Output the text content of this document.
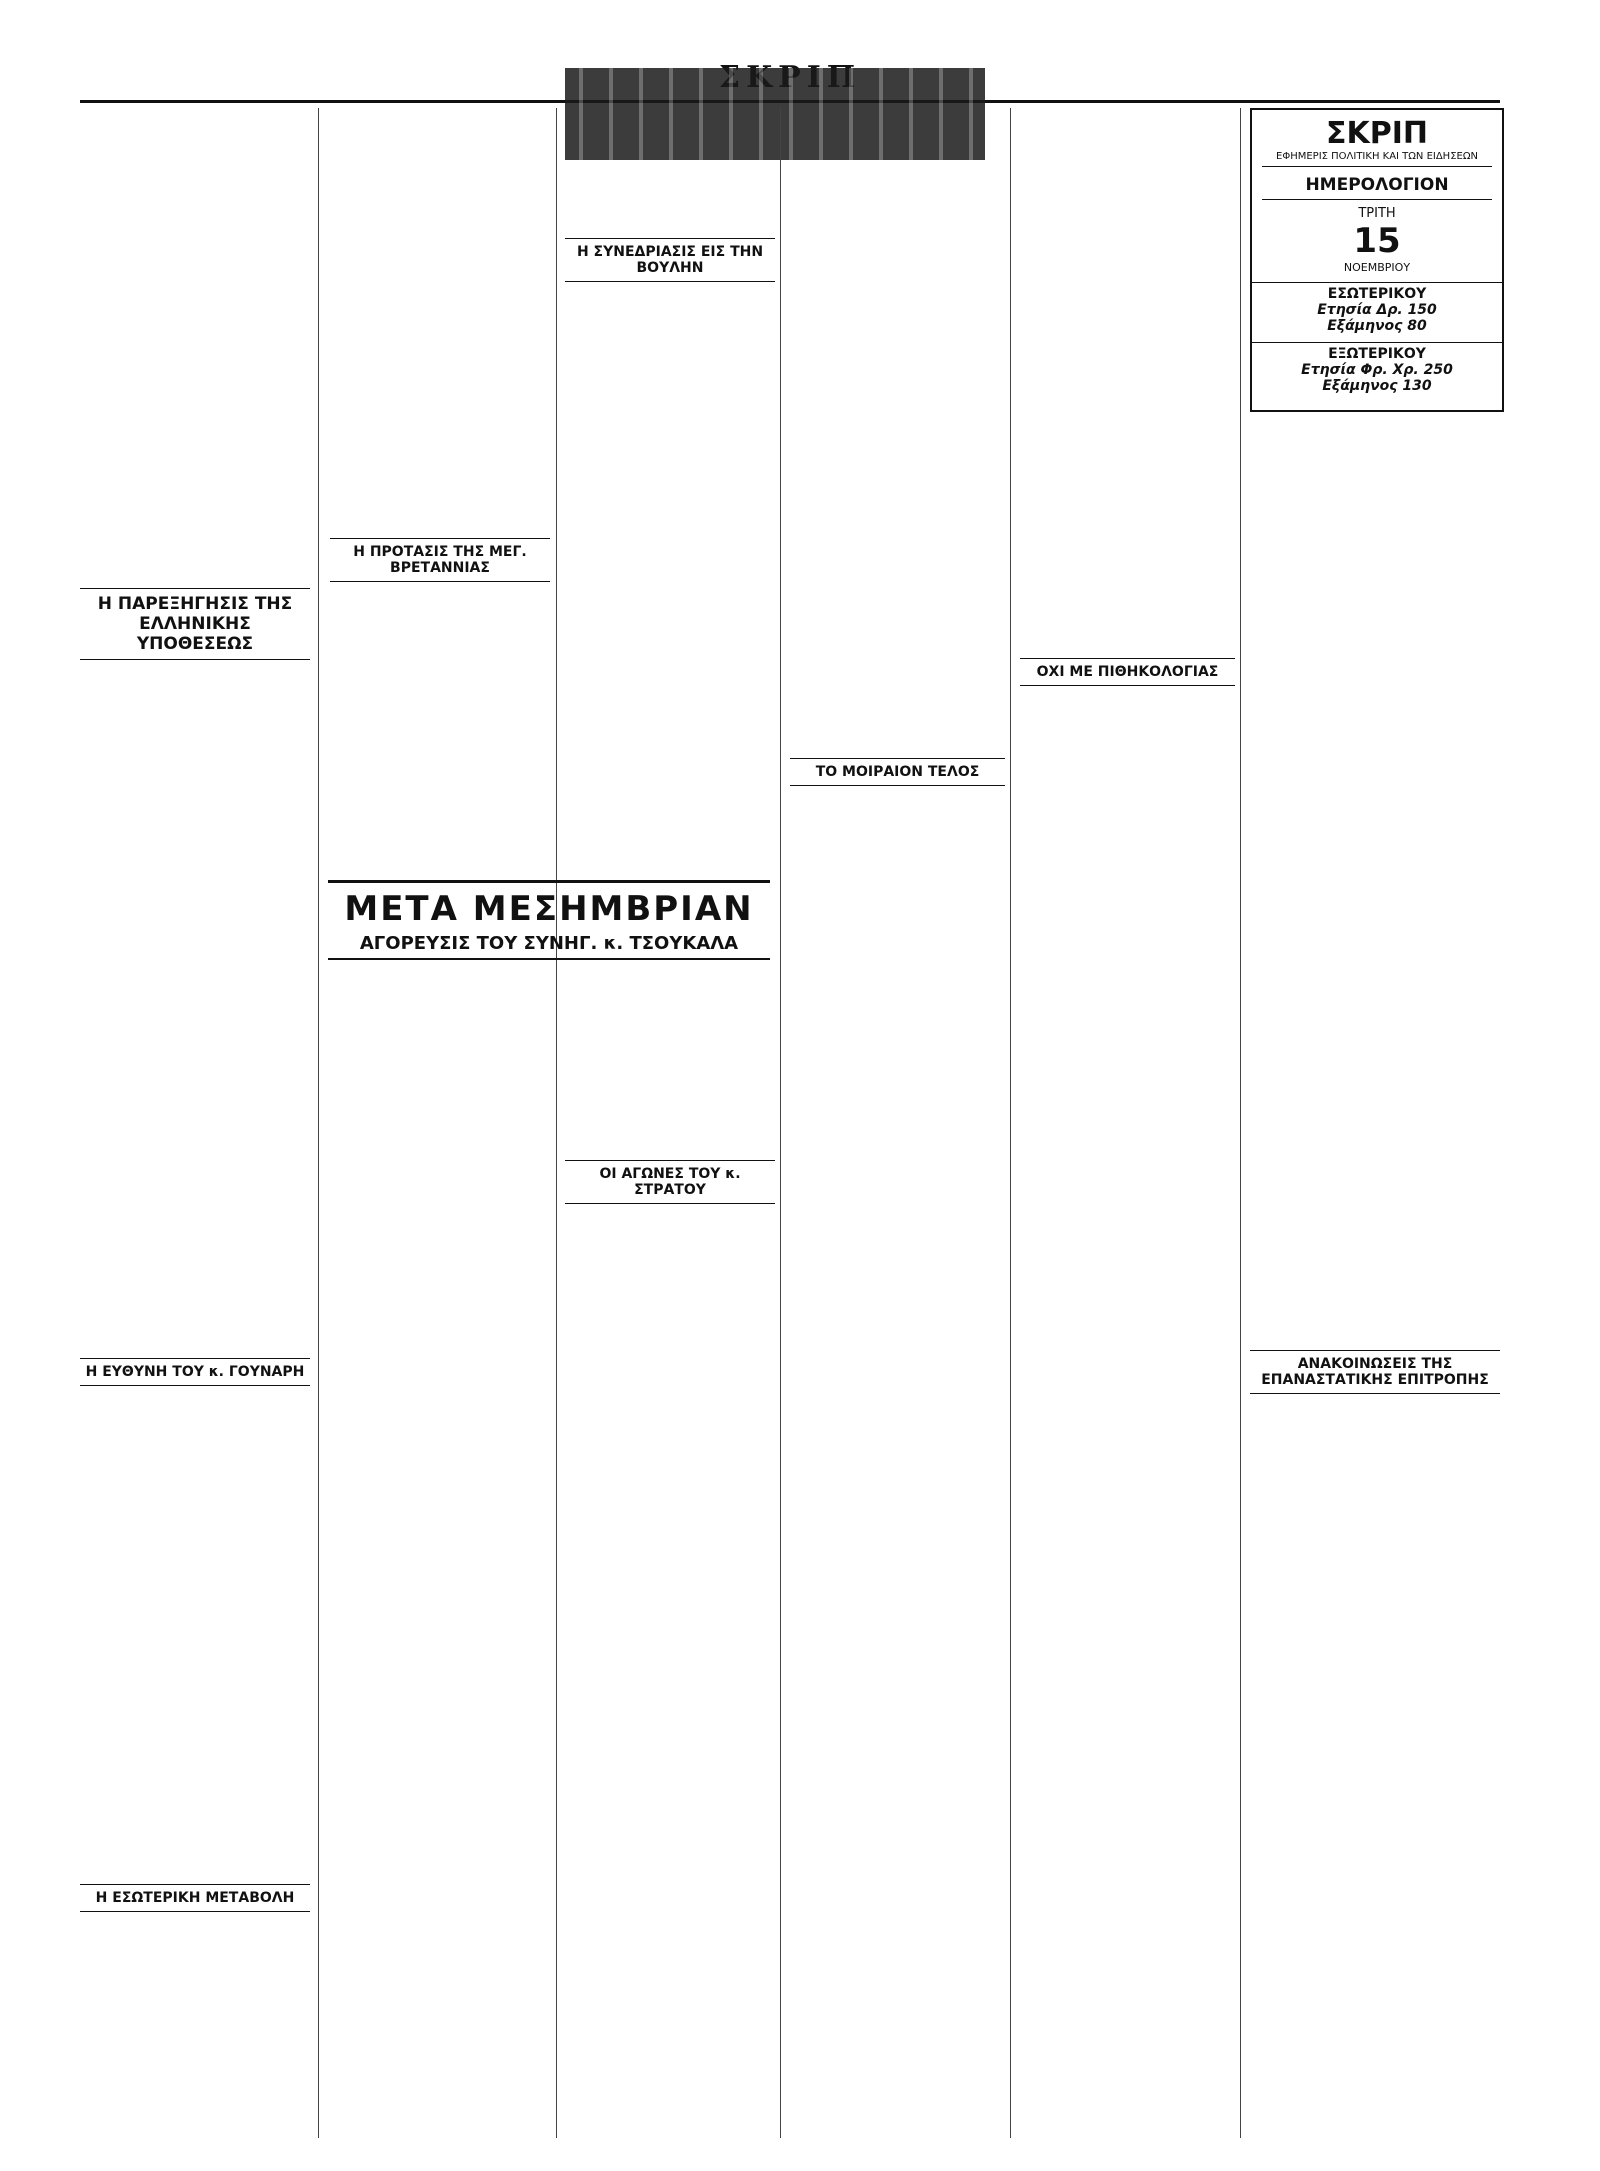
Η ΠΑΡΕΞΗΓΗΣΙΣ ΤΗΣ ΕΛΛΗΝΙΚΗΣ ΥΠΟΘΕΣΕΩΣ
Η ΕΥΘΥΝΗ ΤΟΥ κ. ΓΟΥΝΑΡΗ
Η ΕΣΩΤΕΡΙΚΗ ΜΕΤΑΒΟΛΗ
Η ΣΥΝΕΔΡΙΑΣΙΣ ΕΙΣ ΤΗΝ ΒΟΥΛΗΝ
Η ΠΡΟΤΑΣΙΣ ΤΗΣ ΜΕΓ. ΒΡΕΤΑΝΝΙΑΣ
ΜΕΤΑ ΜΕΣΗΜΒΡΙΑΝ
ΑΓΟΡΕΥΣΙΣ ΤΟΥ ΣΥΝΗΓ. κ. ΤΣΟΥΚΑΛΑ
ΟΙ ΑΓΩΝΕΣ ΤΟΥ κ. ΣΤΡΑΤΟΥ
ΤΟ ΜΟΙΡΑΙΟΝ ΤΕΛΟΣ
ΟΧΙ ΜΕ ΠΙΘΗΚΟΛΟΓΙΑΣ
ΣΚΡΙΠ
ΕΦΗΜΕΡΙΣ ΠΟΛΙΤΙΚΗ ΚΑΙ ΤΩΝ ΕΙΔΗΣΕΩΝ
ΗΜΕΡΟΛΟΓΙΟΝ
ΤΡΙΤΗ
15
ΝΟΕΜΒΡΙΟΥ
ΕΣΩΤΕΡΙΚΟΥ
Ετησία Δρ. 150
Εξάμηνος 80
ΕΞΩΤΕΡΙΚΟΥ
Ετησία Φρ. Χρ. 250
Εξάμηνος 130
ΑΝΑΚΟΙΝΩΣΕΙΣ ΤΗΣ ΕΠΑΝΑΣΤΑΤΙΚΗΣ ΕΠΙΤΡΟΠΗΣ
